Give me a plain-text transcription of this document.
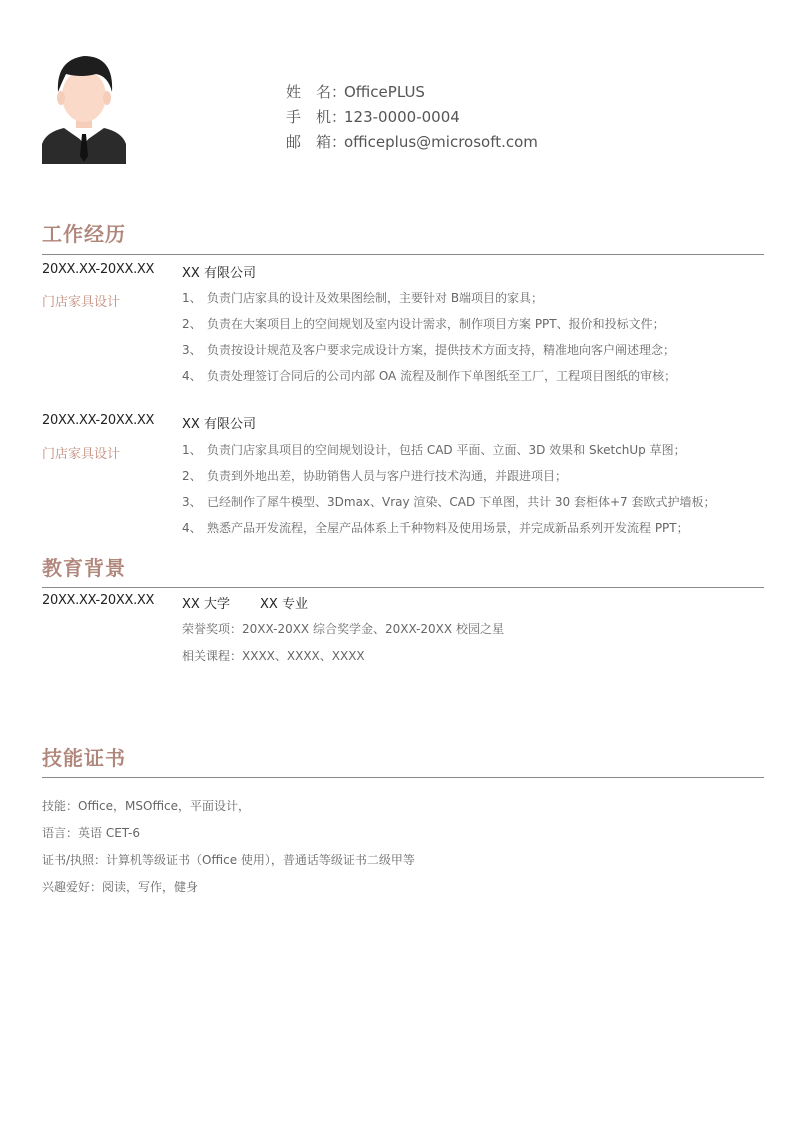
姓　名：OfficePLUS
手　机：123-0000-0004
邮　箱：officeplus@microsoft.com
工作经历
20XX.XX-20XX.XX XX 有限公司
门店家具设计	1、 负责门店家具的设计及效果图绘制，主要针对 B端项目的家具；
2、 负责在大案项目上的空间规划及室内设计需求，制作项目方案 PPT、报价和投标文件；
3、 负责按设计规范及客户要求完成设计方案，提供技术方面支持，精准地向客户阐述理念；
4、 负责处理签订合同后的公司内部 OA 流程及制作下单图纸至工厂，工程项目图纸的审核；
20XX.XX-20XX.XX XX 有限公司
门店家具设计	1、 负责门店家具项目的空间规划设计，包括 CAD 平面、立面、3D 效果和 SketchUp 草图；
2、 负责到外地出差，协助销售人员与客户进行技术沟通，并跟进项目；
3、 已经制作了犀牛模型、3Dmax、Vray 渲染、CAD 下单图，共计 30 套柜体+7 套欧式护墙板；
4、 熟悉产品开发流程，全屋产品体系上千种物料及使用场景，并完成新品系列开发流程 PPT；
教育背景
20XX.XX-20XX.XX XX 大学 XX 专业
荣誉奖项：20XX-20XX 综合奖学金、20XX-20XX 校园之星
相关课程：XXXX、XXXX、XXXX
技能证书
技能：Office，MSOffice，平面设计，
语言：英语 CET-6
证书/执照：计算机等级证书（Office 使用），普通话等级证书二级甲等
兴趣爱好：阅读，写作，健身
